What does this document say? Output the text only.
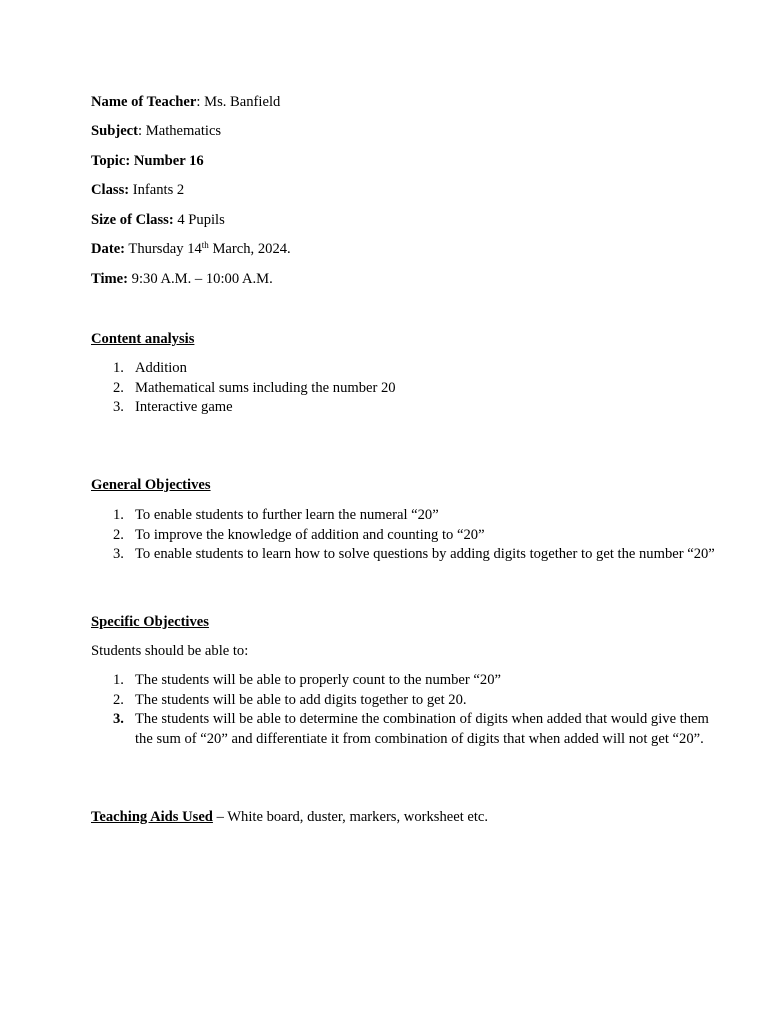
Name of Teacher: Ms. Banfield
Subject: Mathematics
Topic: Number 16
Class: Infants 2
Size of Class: 4 Pupils
Date: Thursday 14th March, 2024.
Time: 9:30 A.M. – 10:00 A.M.
Content analysis
1. Addition
2. Mathematical sums including the number 20
3. Interactive game
General Objectives
1. To enable students to further learn the numeral “20”
2. To improve the knowledge of addition and counting to “20”
3. To enable students to learn how to solve questions by adding digits together to get the number “20”
Specific Objectives
Students should be able to:
1. The students will be able to properly count to the number “20”
2. The students will be able to add digits together to get 20.
3. The students will be able to determine the combination of digits when added that would give them the sum of “20” and differentiate it from combination of digits that when added will not get “20”.
Teaching Aids Used – White board, duster, markers, worksheet etc.
